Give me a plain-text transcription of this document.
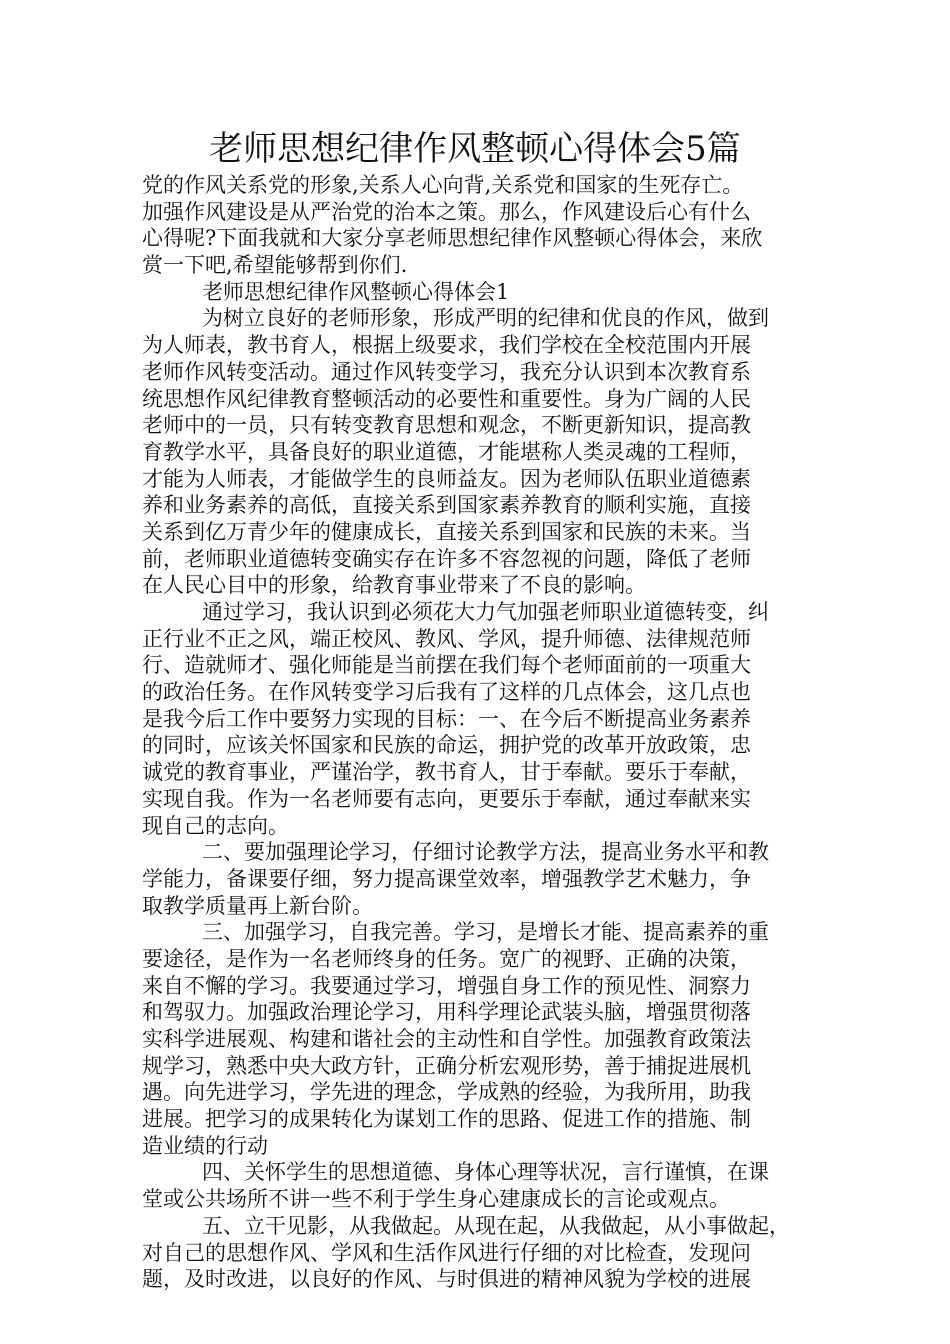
老师思想纪律作风整顿心得体会5篇
党的作风关系党的形象,关系人心向背,关系党和国家的生死存亡。
加强作风建设是从严治党的治本之策。那么，作风建设后心有什么
心得呢?下面我就和大家分享老师思想纪律作风整顿心得体会，来欣
赏一下吧,希望能够帮到你们.
老师思想纪律作风整顿心得体会1
为树立良好的老师形象，形成严明的纪律和优良的作风，做到
为人师表，教书育人，根据上级要求，我们学校在全校范围内开展
老师作风转变活动。通过作风转变学习，我充分认识到本次教育系
统思想作风纪律教育整顿活动的必要性和重要性。身为广阔的人民
老师中的一员，只有转变教育思想和观念，不断更新知识，提高教
育教学水平，具备良好的职业道德，才能堪称人类灵魂的工程师，
才能为人师表，才能做学生的良师益友。因为老师队伍职业道德素
养和业务素养的高低，直接关系到国家素养教育的顺利实施，直接
关系到亿万青少年的健康成长，直接关系到国家和民族的未来。当
前，老师职业道德转变确实存在许多不容忽视的问题，降低了老师
在人民心目中的形象，给教育事业带来了不良的影响。
通过学习，我认识到必须花大力气加强老师职业道德转变，纠
正行业不正之风，端正校风、教风、学风，提升师德、法律规范师
行、造就师才、强化师能是当前摆在我们每个老师面前的一项重大
的政治任务。在作风转变学习后我有了这样的几点体会，这几点也
是我今后工作中要努力实现的目标：一、在今后不断提高业务素养
的同时，应该关怀国家和民族的命运，拥护党的改革开放政策，忠
诚党的教育事业，严谨治学，教书育人，甘于奉献。要乐于奉献，
实现自我。作为一名老师要有志向，更要乐于奉献，通过奉献来实
现自己的志向。
二、要加强理论学习，仔细讨论教学方法，提高业务水平和教
学能力，备课要仔细，努力提高课堂效率，增强教学艺术魅力，争
取教学质量再上新台阶。
三、加强学习，自我完善。学习，是增长才能、提高素养的重
要途径，是作为一名老师终身的任务。宽广的视野、正确的决策，
来自不懈的学习。我要通过学习，增强自身工作的预见性、洞察力
和驾驭力。加强政治理论学习，用科学理论武装头脑，增强贯彻落
实科学进展观、构建和谐社会的主动性和自学性。加强教育政策法
规学习，熟悉中央大政方针，正确分析宏观形势，善于捕捉进展机
遇。向先进学习，学先进的理念，学成熟的经验，为我所用，助我
进展。把学习的成果转化为谋划工作的思路、促进工作的措施、制
造业绩的行动
四、关怀学生的思想道德、身体心理等状况，言行谨慎，在课
堂或公共场所不讲一些不利于学生身心建康成长的言论或观点。
五、立干见影，从我做起。从现在起，从我做起，从小事做起，
对自己的思想作风、学风和生活作风进行仔细的对比检查，发现问
题，及时改进，以良好的作风、与时俱进的精神风貌为学校的进展
